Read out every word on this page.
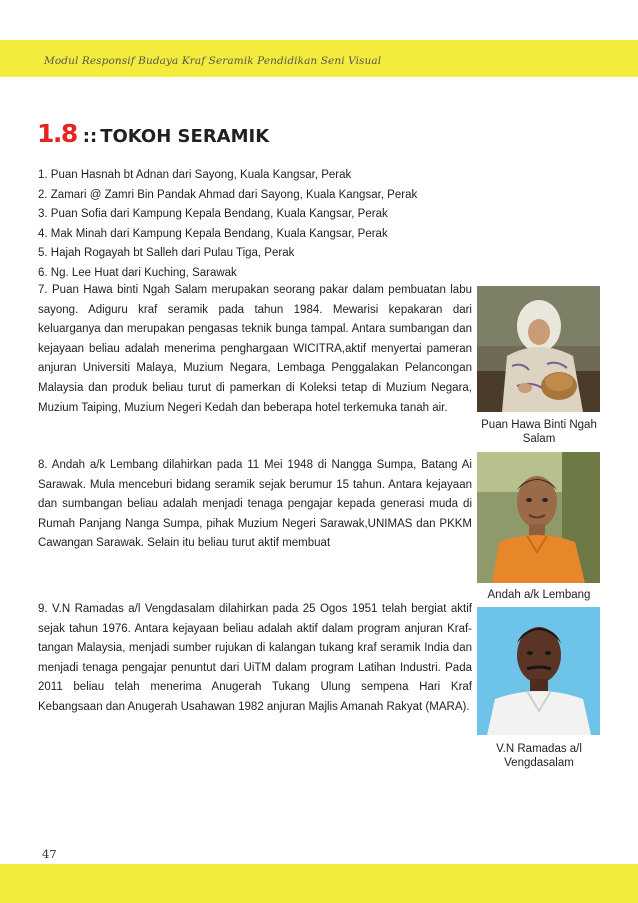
Modul Responsif Budaya Kraf Seramik Pendidikan Seni Visual
1.8 :: TOKOH SERAMIK
1. Puan Hasnah bt Adnan dari Sayong, Kuala Kangsar, Perak
2. Zamari @ Zamri Bin Pandak Ahmad dari Sayong, Kuala Kangsar, Perak
3. Puan Sofia dari Kampung Kepala Bendang, Kuala Kangsar, Perak
4. Mak Minah dari Kampung Kepala Bendang, Kuala Kangsar, Perak
5. Hajah Rogayah bt Salleh dari Pulau Tiga, Perak
6. Ng. Lee Huat dari Kuching, Sarawak

7. Puan Hawa binti Ngah Salam merupakan seorang pakar dalam pembuatan labu sayong. Adiguru kraf seramik pada tahun 1984. Mewarisi kepakaran dari keluarganya dan merupakan pengasas teknik bunga tampal. Antara sumbangan dan kejayaan beliau adalah menerima penghargaan WICITRA,aktif menyertai pameran anjuran Universiti Malaya, Muzium Negara, Lembaga Penggalakan Pelancongan Malaysia dan produk beliau turut di pamerkan di Koleksi tetap di Muzium Negara, Muzium Taiping, Muzium Negeri Kedah dan beberapa hotel terkemuka tanah air.

8. Andah a/k Lembang dilahirkan pada 11 Mei 1948 di Nangga Sumpa, Batang Ai Sarawak. Mula menceburi bidang seramik sejak berumur 15 tahun. Antara kejayaan dan sumbangan beliau adalah menjadi tenaga pengajar kepada generasi muda di Rumah Panjang Nanga Sumpa, pihak Muzium Negeri Sarawak,UNIMAS dan PKKM Cawangan Sarawak. Selain itu beliau turut aktif membuat

9. V.N Ramadas a/l Vengdasalam dilahirkan pada 25 Ogos 1951 telah bergiat aktif sejak tahun 1976. Antara kejayaan beliau adalah aktif dalam program anjuran Kraf-tangan Malaysia, menjadi sumber rujukan di kalangan tukang kraf seramik India dan menjadi tenaga pengajar penuntut dari UiTM dalam program Latihan Industri. Pada 2011 beliau telah menerima Anugerah Tukang Ulung sempena Hari Kraf Kebangsaan dan Anugerah Usahawan 1982 anjuran Majlis Amanah Rakyat (MARA).

Puan Hawa Binti Ngah
Salam
Andah a/k Lembang
V.N Ramadas a/l
Vengdasalam
47
